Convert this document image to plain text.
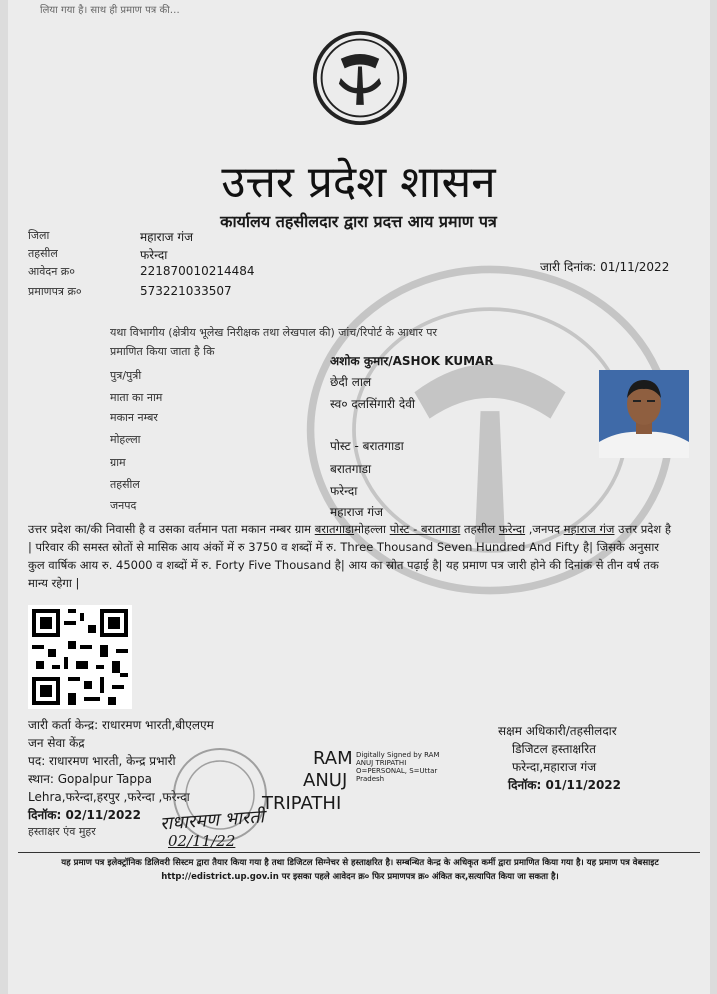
लिया गया है। साथ ही प्रमाण पत्र की…
उत्तर प्रदेश शासन
कार्यालय तहसीलदार द्वारा प्रदत्त आय प्रमाण पत्र
जिला	महाराज गंज
तहसील	फरेन्दा
आवेदन क्र०	221870010214484
प्रमाणपत्र क्र०	573221033507
जारी दिनांक: 01/11/2022
यथा विभागीय (क्षेत्रीय भूलेख निरीक्षक तथा लेखपाल की) जांच/रिपोर्ट के आधार पर
प्रमाणित किया जाता है कि
अशोक कुमार/ASHOK KUMAR
पुत्र/पुत्री	छेदी लाल
माता का नाम	स्व० दलसिंगारी देवी
मकान नम्बर
मोहल्ला	पोस्ट - बरातगाडा
ग्राम	बरातगाडा
तहसील	फरेन्दा
जनपद	महाराज गंज
उत्तर प्रदेश का/की निवासी है व उसका वर्तमान पता मकान नम्बर ग्राम बरातगाडामोहल्ला पोस्ट - बरातगाडा तहसील फरेन्दा ,जनपद महाराज गंज उत्तर प्रदेश है | परिवार की समस्त स्रोतों से मासिक आय अंकों में रु 3750 व शब्दों में रु. Three Thousand Seven Hundred And Fifty है| जिसके अनुसार कुल वार्षिक आय रु. 45000 व शब्दों में रु. Forty Five Thousand है| आय का स्रोत पढ़ाई है| यह प्रमाण पत्र जारी होने की दिनांक से तीन वर्ष तक मान्य रहेगा |
जारी कर्ता केन्द्र: राधारमण भारती,बीएलएम
जन सेवा केंद्र
पद: राधारमण भारती, केन्द्र प्रभारी
स्थान: Gopalpur Tappa
Lehra,फरेन्दा,हरपुर ,फरेन्दा ,फरेन्दा
दिनॉक: 02/11/2022
हस्ताक्षर एंव मुहर	राधारमण भारती
02/11/22
RAM
ANUJ
TRIPATHI
Digitally Signed by RAM
ANUJ TRIPATHI
O=PERSONAL, S=Uttar
Pradesh
सक्षम अधिकारी/तहसीलदार
डिजिटल हस्ताक्षरित
फरेन्दा,महाराज गंज
दिनॉक: 01/11/2022
यह प्रमाण पत्र इलेक्ट्रॉनिक डिलिवरी सिस्टम द्वारा तैयार किया गया है तथा डिजिटल सिग्नेचर से हस्ताक्षरित है। सम्बन्धित केन्द्र के अधिकृत कर्मी द्वारा प्रमाणित किया गया है। यह प्रमाण पत्र वेबसाइट http://edistrict.up.gov.in पर इसका पहले आवेदन क्र० फिर प्रमाणपत्र क्र० अंकित कर,सत्यापित किया जा सकता है।
